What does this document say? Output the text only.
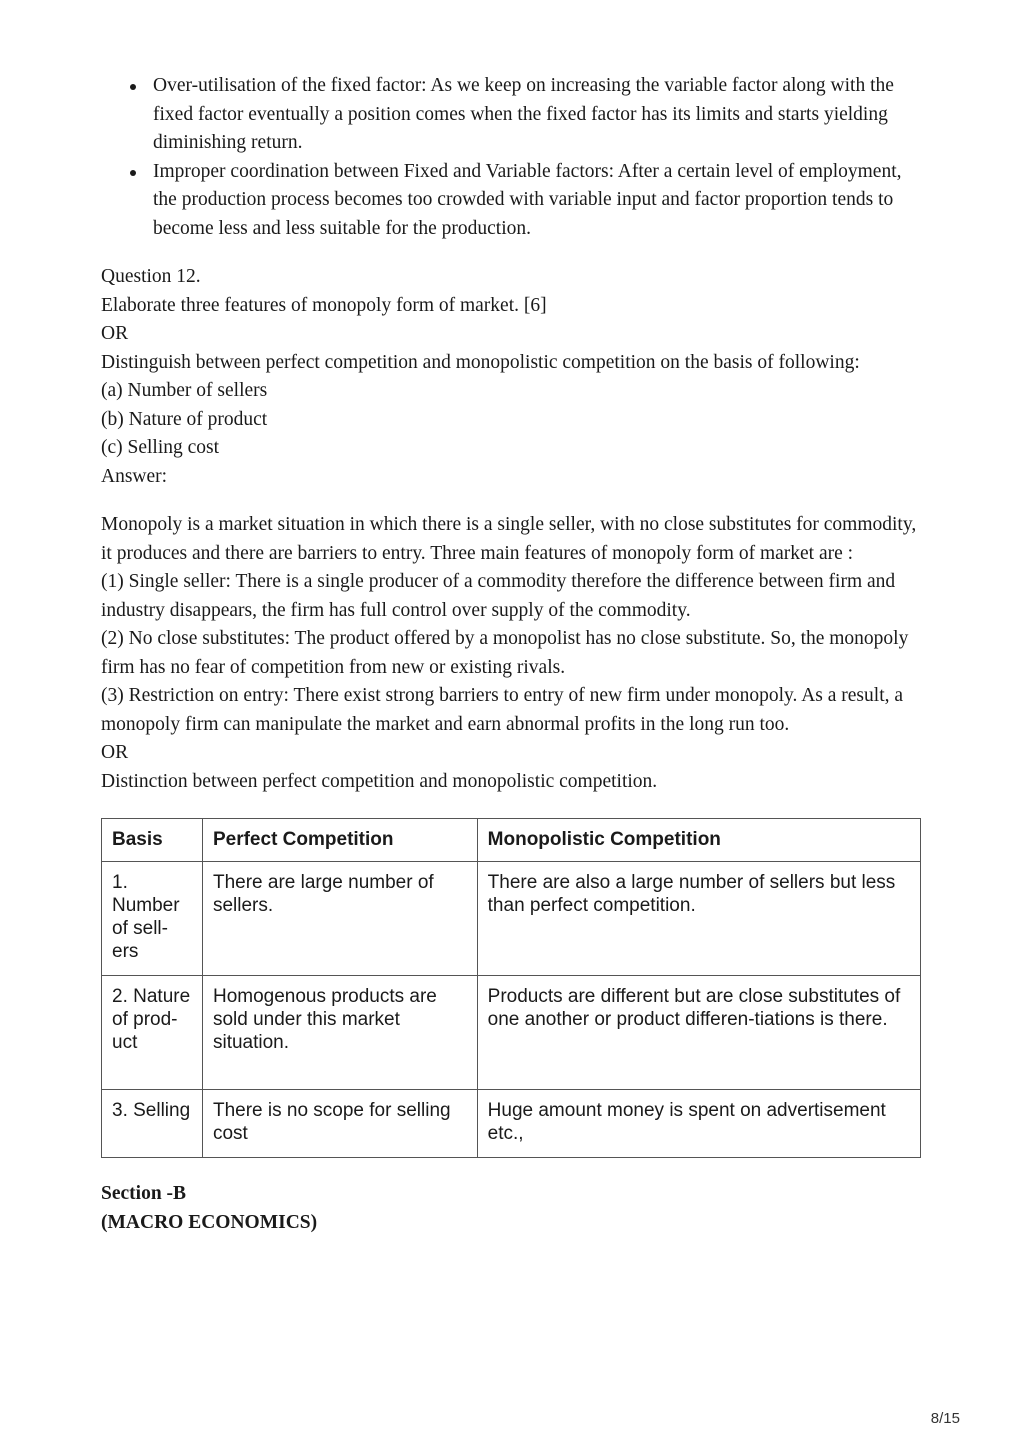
Over-utilisation of the fixed factor: As we keep on increasing the variable factor along with the fixed factor eventually a position comes when the fixed factor has its limits and starts yielding diminishing return.
Improper coordination between Fixed and Variable factors: After a certain level of employment, the production process becomes too crowded with variable input and factor proportion tends to become less and less suitable for the production.
Question 12.
Elaborate three features of monopoly form of market. [6]
OR
Distinguish between perfect competition and monopolistic competition on the basis of following:
(a) Number of sellers
(b) Nature of product
(c) Selling cost
Answer:
Monopoly is a market situation in which there is a single seller, with no close substitutes for commodity, it produces and there are barriers to entry. Three main features of monopoly form of market are :
(1) Single seller: There is a single producer of a commodity therefore the difference between firm and industry disappears, the firm has full control over supply of the commodity.
(2) No close substitutes: The product offered by a monopolist has no close substitute. So, the monopoly firm has no fear of competition from new or existing rivals.
(3) Restriction on entry: There exist strong barriers to entry of new firm under monopoly. As a result, a monopoly firm can manipulate the market and earn abnormal profits in the long run too.
OR
Distinction between perfect competition and monopolistic competition.
Basis	Perfect Competition	Monopolistic Competition
1. Number of sell-ers	There are large number of sellers.	There are also a large number of sellers but less than perfect competition.
2. Nature of prod-uct	Homogenous products are sold under this market situation.	Products are different but are close substitutes of one another or product differen-tiations is there.
3. Selling	There is no scope for selling cost	Huge amount money is spent on advertisement etc.,
Section -B
(MACRO ECONOMICS)
8/15
